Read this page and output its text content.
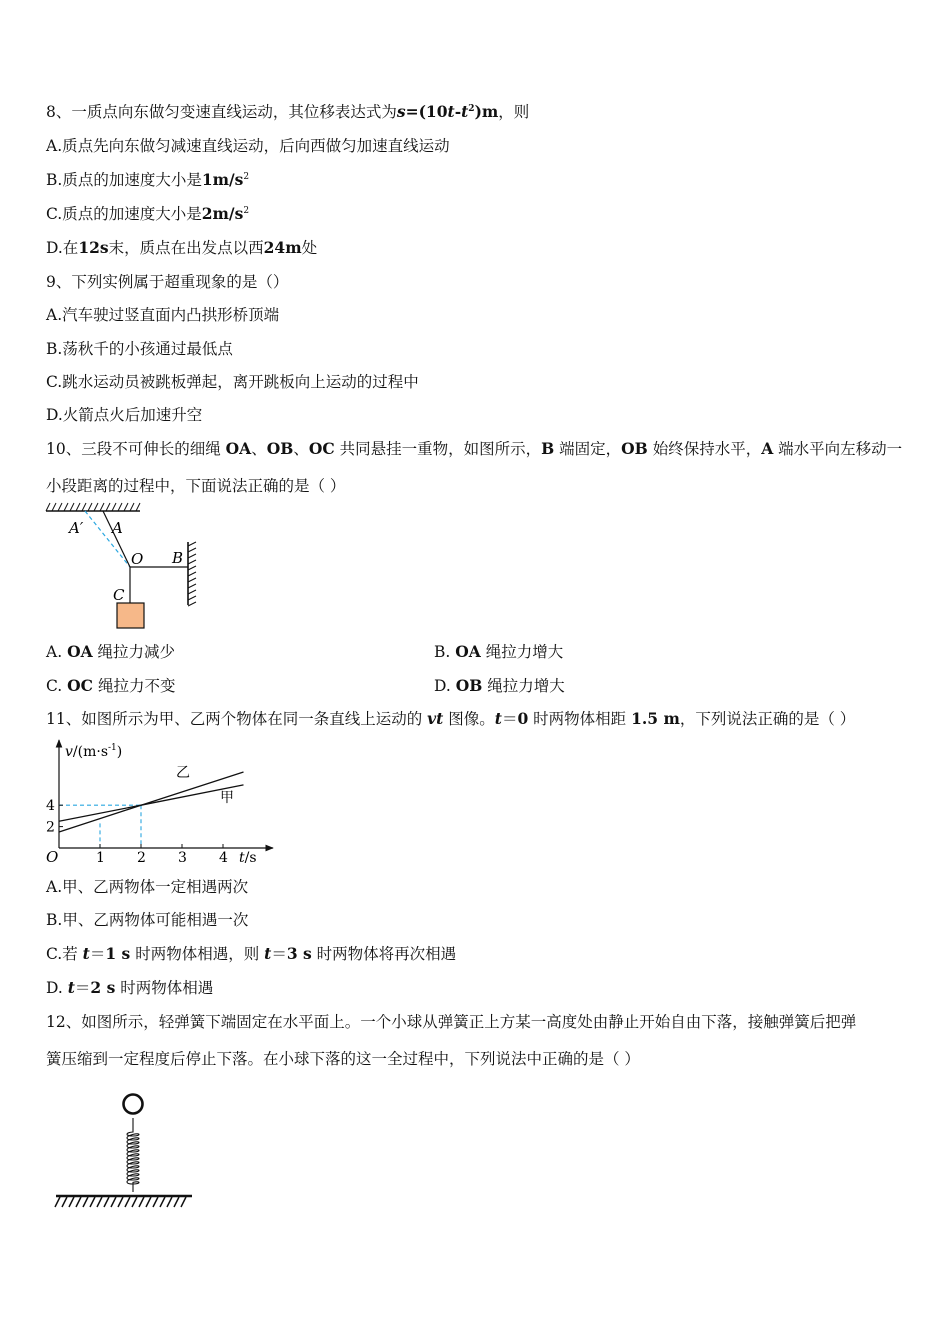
8、一质点向东做匀变速直线运动，其位移表达式为$s=(10t-t^2)m$，则
A.质点先向东做匀减速直线运动，后向西做匀加速直线运动
B.质点的加速度大小是$1m/s^2$
C.质点的加速度大小是$2m/s^2$
D.在12s末，质点在出发点以西24m处
9、下列实例属于超重现象的是（）
A.汽车驶过竖直面内凸拱形桥顶端
B.荡秋千的小孩通过最低点
C.跳水运动员被跳板弹起，离开跳板向上运动的过程中
D.火箭点火后加速升空
10、三段不可伸长的细绳 OA、OB、OC 共同悬挂一重物，如图所示，B 端固定，OB 始终保持水平，A 端水平向左移动一
小段距离的过程中，下面说法正确的是（ ）
A′ A
O B
C
A. OA 绳拉力减少	B. OA 绳拉力增大
C. OC 绳拉力不变	D. OB 绳拉力增大
11、如图所示为甲、乙两个物体在同一条直线上运动的 vt 图像。t＝0 时两物体相距 1.5 m，下列说法正确的是（ ）
1 2 3 4
2
4
$v/(m\cdot s^{-1})$
t/s
O
乙
甲
A.甲、乙两物体一定相遇两次
B.甲、乙两物体可能相遇一次
C.若 t＝1 s 时两物体相遇，则 t＝3 s 时两物体将再次相遇
D. t＝2 s 时两物体相遇
12、如图所示，轻弹簧下端固定在水平面上。一个小球从弹簧正上方某一高度处由静止开始自由下落，接触弹簧后把弹
簧压缩到一定程度后停止下落。在小球下落的这一全过程中，下列说法中正确的是（ ）
